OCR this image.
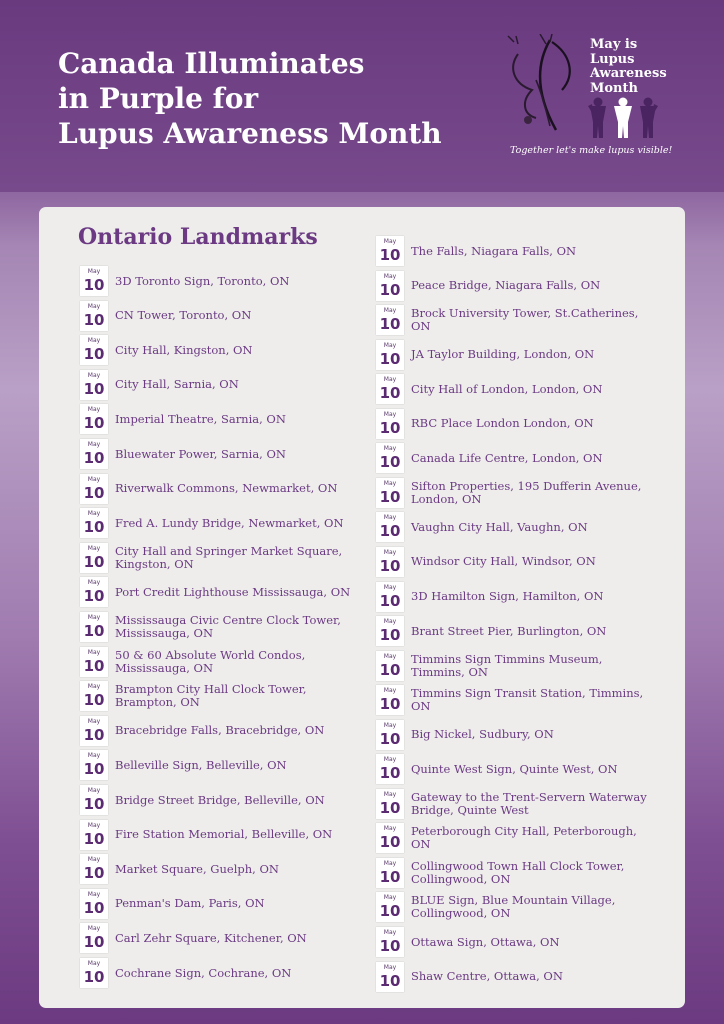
Canada Illuminates
in Purple for
Lupus Awareness Month
May is
Lupus
Awareness
Month
Together let's make lupus visible!
Ontario Landmarks
May
10 3D Toronto Sign, Toronto, ON
May
10 CN Tower, Toronto, ON
May
10 City Hall, Kingston, ON
May
10 City Hall, Sarnia, ON
May
10 Imperial Theatre, Sarnia, ON
May
10 Bluewater Power, Sarnia, ON
May
10 Riverwalk Commons, Newmarket, ON
May
10 Fred A. Lundy Bridge, Newmarket, ON
May
10
City Hall and Springer Market Square, Kingston, ON
May
10 Port Credit Lighthouse Mississauga, ON
May
10
Mississauga Civic Centre Clock Tower, Mississauga, ON
May
10
50 & 60 Absolute World Condos, Mississauga, ON
May
10
Brampton City Hall Clock Tower, Brampton, ON
May
10 Bracebridge Falls, Bracebridge, ON
May
10 Belleville Sign, Belleville, ON
May
10 Bridge Street Bridge, Belleville, ON
May
10 Fire Station Memorial, Belleville, ON
May
10 Market Square, Guelph, ON
May
10 Penman's Dam, Paris, ON
May
10 Carl Zehr Square, Kitchener, ON
May
10 Cochrane Sign, Cochrane, ON
May
10 The Falls, Niagara Falls, ON
May
10 Peace Bridge, Niagara Falls, ON
May
10
Brock University Tower, St.Catherines, ON
May
10 JA Taylor Building, London, ON
May
10 City Hall of London, London, ON
May
10 RBC Place London London, ON
May
10 Canada Life Centre, London, ON
May
10
Sifton Properties, 195 Dufferin Avenue, London, ON
May
10 Vaughn City Hall, Vaughn, ON
May
10 Windsor City Hall, Windsor, ON
May
10 3D Hamilton Sign, Hamilton, ON
May
10 Brant Street Pier, Burlington, ON
May
10
Timmins Sign Timmins Museum, Timmins, ON
May
10
Timmins Sign Transit Station, Timmins, ON
May
10 Big Nickel, Sudbury, ON
May
10 Quinte West Sign, Quinte West, ON
May
10
Gateway to the Trent-Servern Waterway Bridge, Quinte West
May
10
Peterborough City Hall, Peterborough, ON
May
10
Collingwood Town Hall Clock Tower, Collingwood, ON
May
10
BLUE Sign, Blue Mountain Village, Collingwood, ON
May
10 Ottawa Sign, Ottawa, ON
May
10 Shaw Centre, Ottawa, ON
